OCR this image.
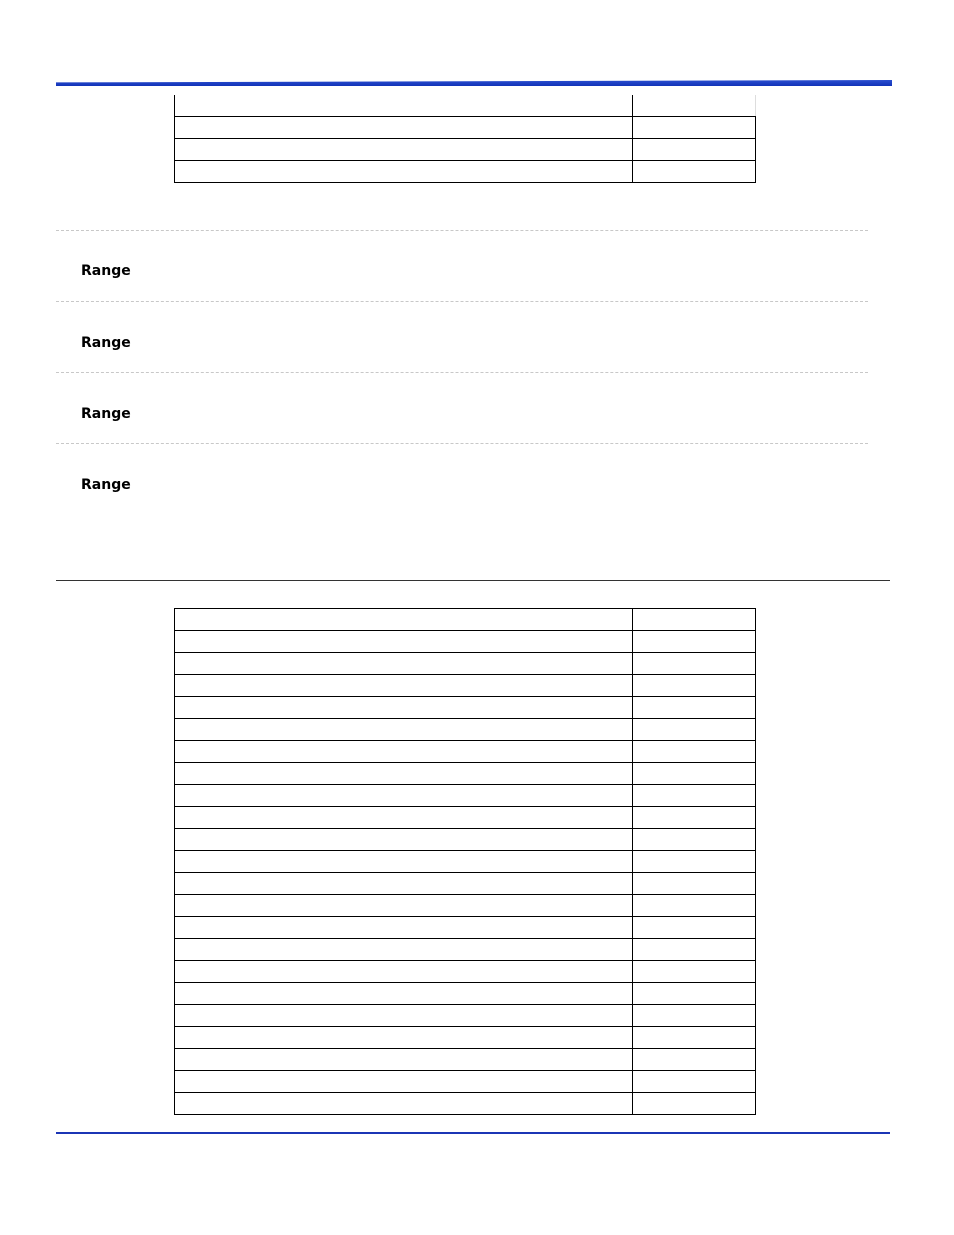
Range
Range
Range
Range
